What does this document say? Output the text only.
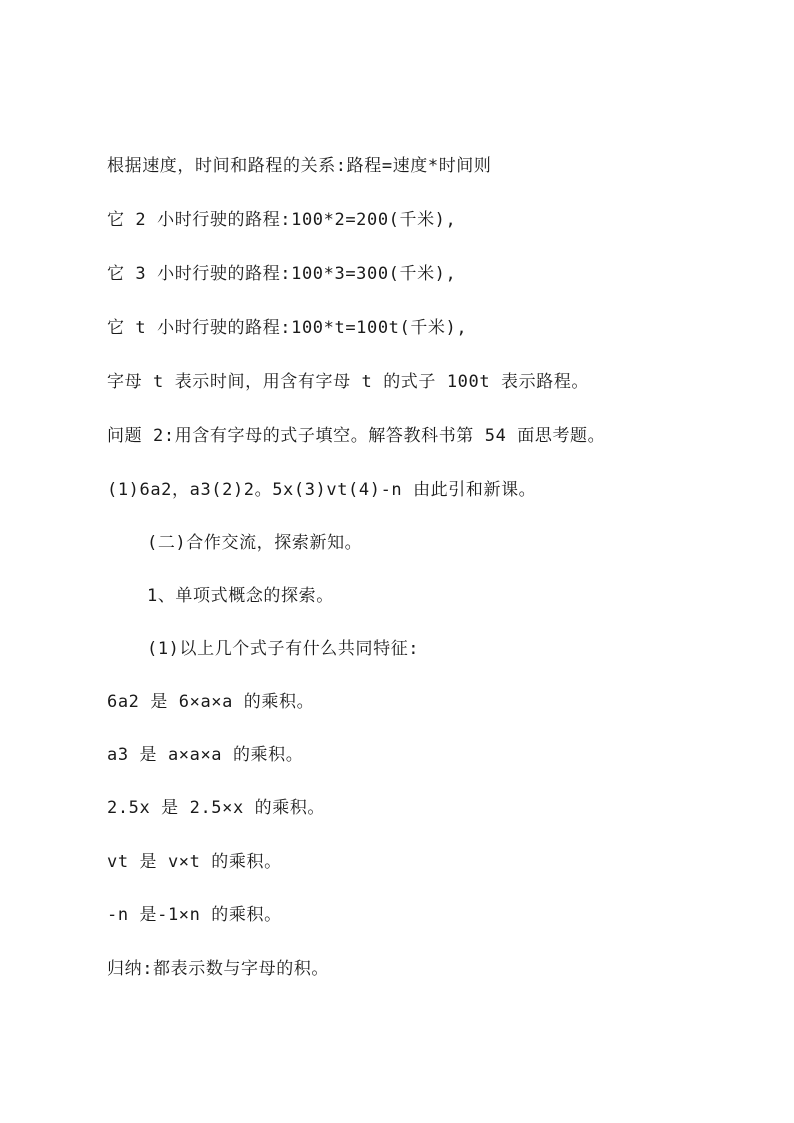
根据速度，时间和路程的关系:路程=速度*时间则
它 2 小时行驶的路程:100*2=200(千米),
它 3 小时行驶的路程:100*3=300(千米),
它 t 小时行驶的路程:100*t=100t(千米),
字母 t 表示时间，用含有字母 t 的式子 100t 表示路程。
问题 2:用含有字母的式子填空。解答教科书第 54 面思考题。
(1)6a2，a3(2)2。5x(3)vt(4)-n 由此引和新课。
(二)合作交流，探索新知。
1、单项式概念的探索。
(1)以上几个式子有什么共同特征:
6a2 是 6×a×a 的乘积。
a3 是 a×a×a 的乘积。
2.5x 是 2.5×x 的乘积。
vt 是 v×t 的乘积。
-n 是-1×n 的乘积。
归纳:都表示数与字母的积。
